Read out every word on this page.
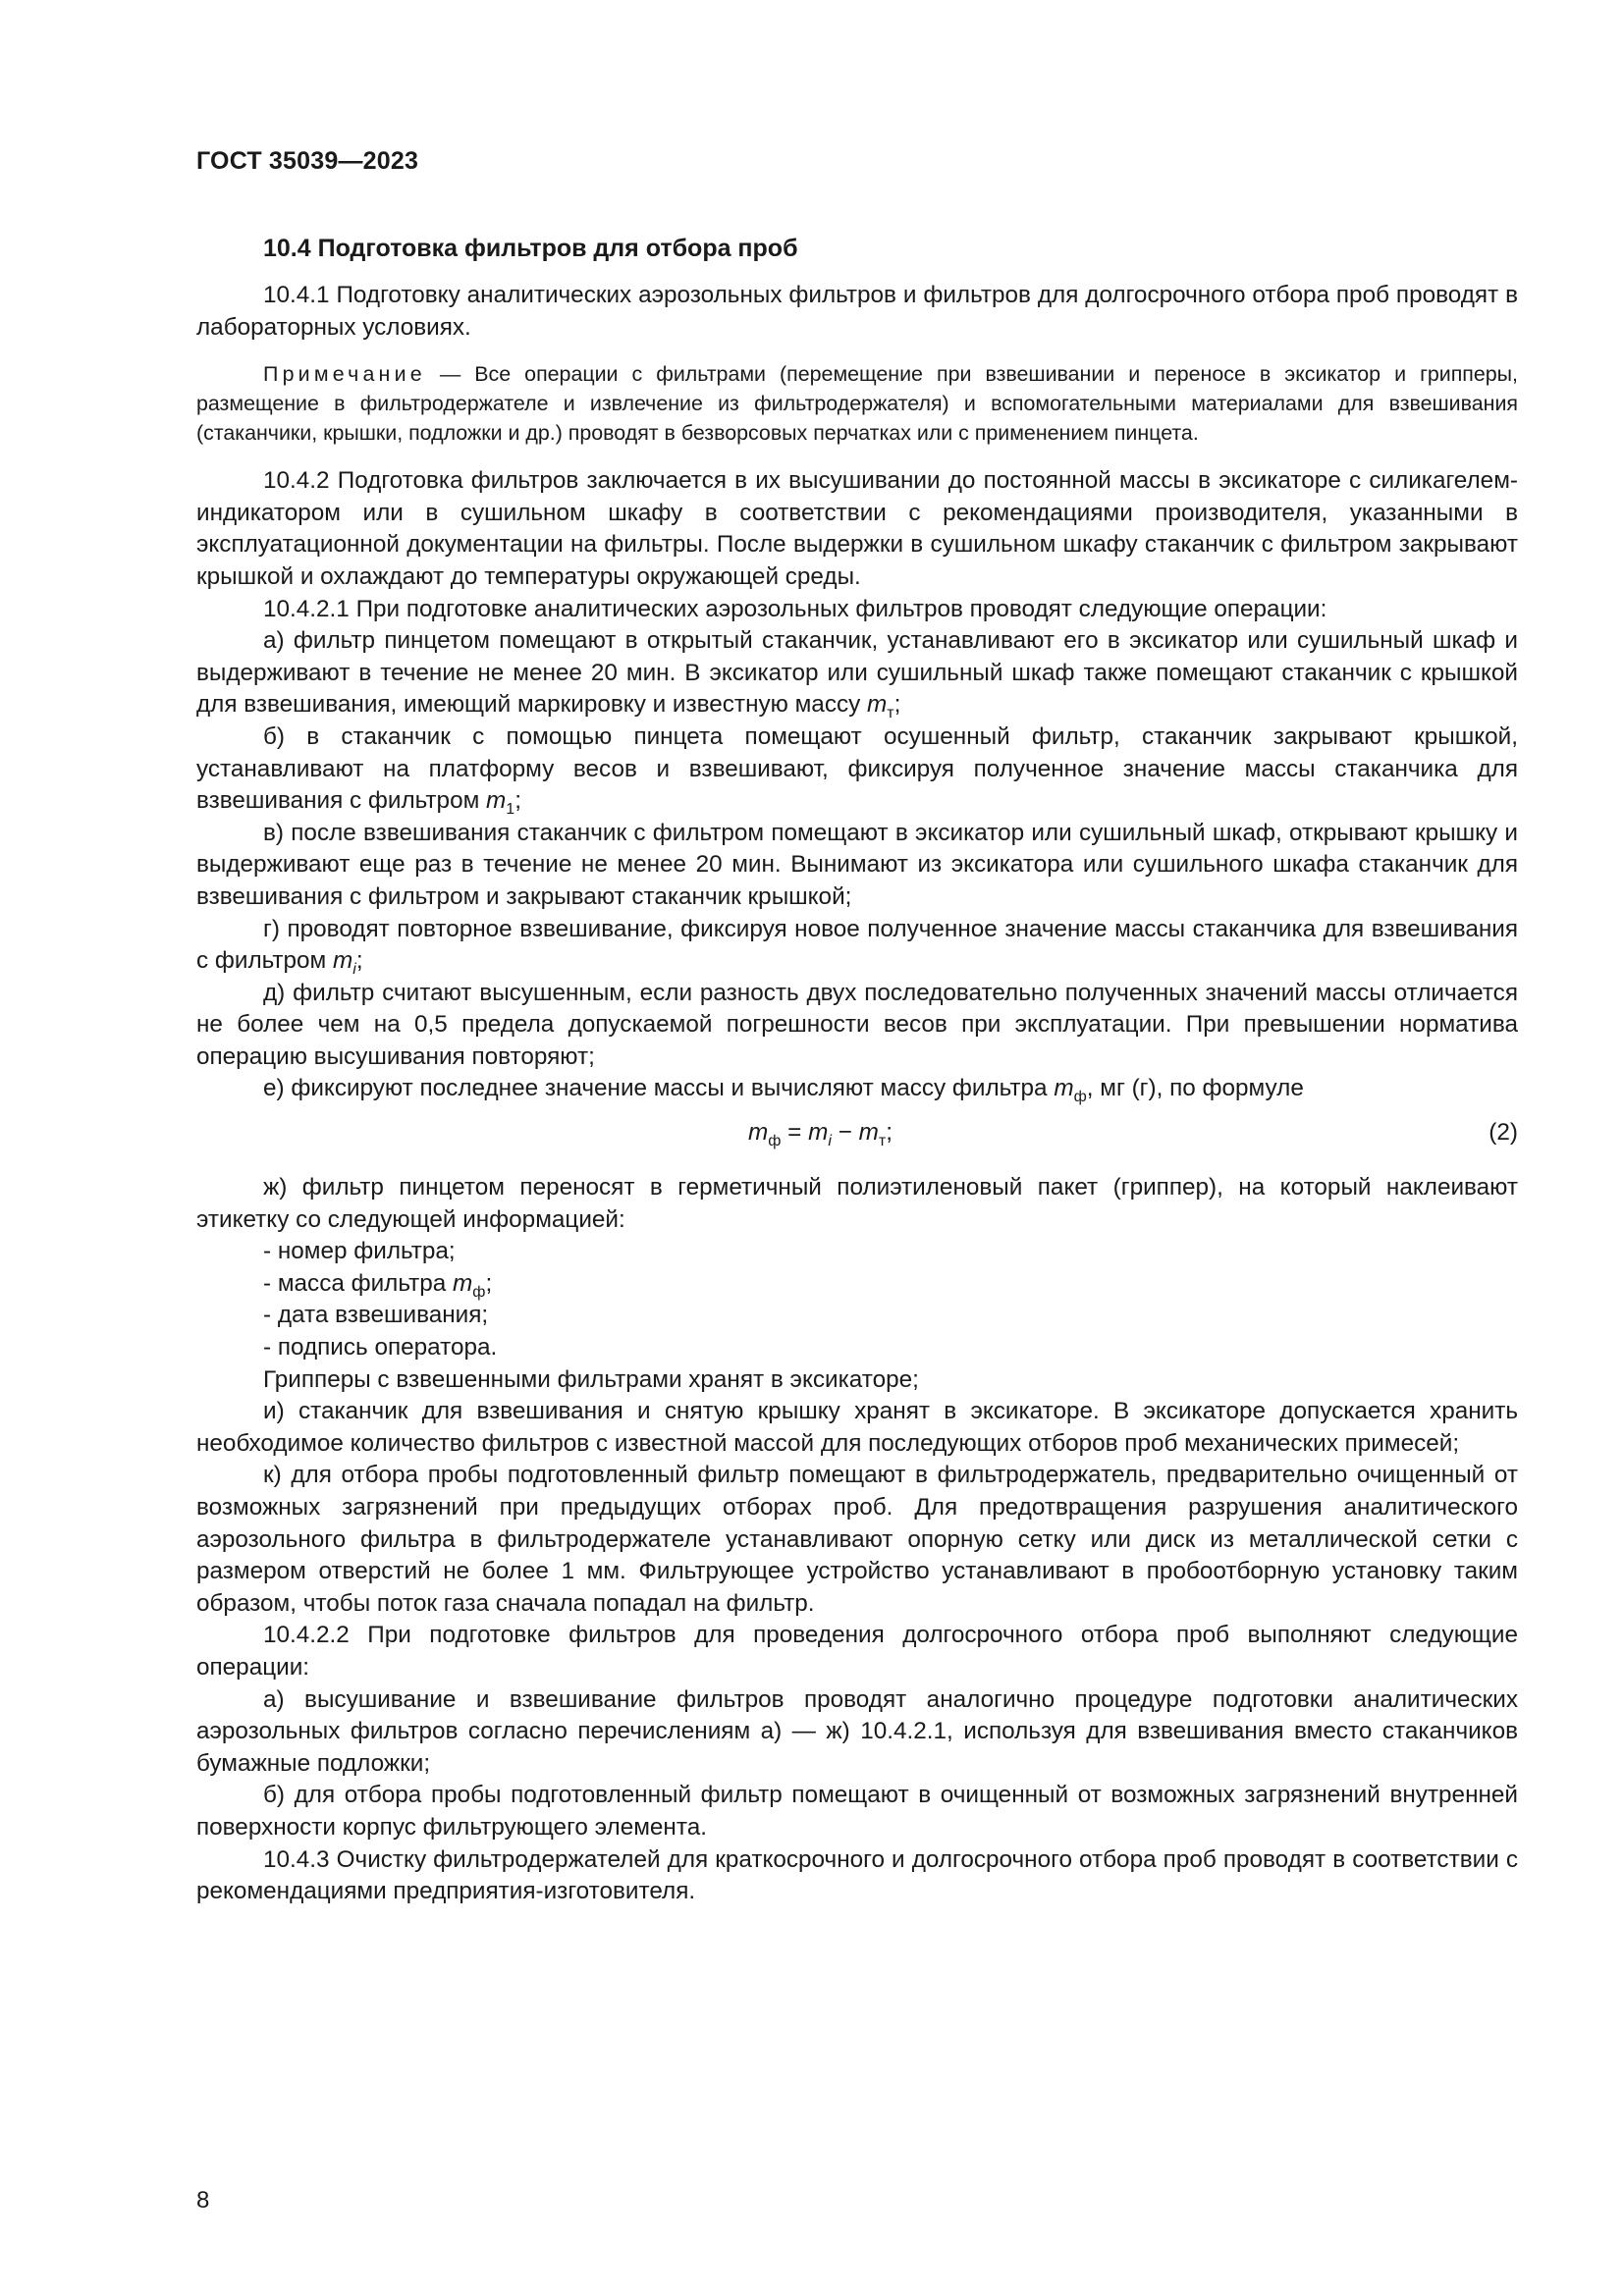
ГОСТ 35039—2023
10.4 Подготовка фильтров для отбора проб

10.4.1 Подготовку аналитических аэрозольных фильтров и фильтров для долгосрочного отбора проб проводят в лабораторных условиях.

Примечание — Все операции с фильтрами (перемещение при взвешивании и переносе в эксикатор и грипперы, размещение в фильтродержателе и извлечение из фильтродержателя) и вспомогательными материалами для взвешивания (стаканчики, крышки, подложки и др.) проводят в безворсовых перчатках или с применением пинцета.

10.4.2 Подготовка фильтров заключается в их высушивании до постоянной массы в эксикаторе с силикагелем-индикатором или в сушильном шкафу в соответствии с рекомендациями производителя, указанными в эксплуатационной документации на фильтры. После выдержки в сушильном шкафу стаканчик с фильтром закрывают крышкой и охлаждают до температуры окружающей среды.

10.4.2.1 При подготовке аналитических аэрозольных фильтров проводят следующие операции:

а) фильтр пинцетом помещают в открытый стаканчик, устанавливают его в эксикатор или сушильный шкаф и выдерживают в течение не менее 20 мин. В эксикатор или сушильный шкаф также помещают стаканчик с крышкой для взвешивания, имеющий маркировку и известную массу $m_т$;

б) в стаканчик с помощью пинцета помещают осушенный фильтр, стаканчик закрывают крышкой, устанавливают на платформу весов и взвешивают, фиксируя полученное значение массы стаканчика для взвешивания с фильтром $m_1$;

в) после взвешивания стаканчик с фильтром помещают в эксикатор или сушильный шкаф, открывают крышку и выдерживают еще раз в течение не менее 20 мин. Вынимают из эксикатора или сушильного шкафа стаканчик для взвешивания с фильтром и закрывают стаканчик крышкой;

г) проводят повторное взвешивание, фиксируя новое полученное значение массы стаканчика для взвешивания с фильтром $m_i$;

д) фильтр считают высушенным, если разность двух последовательно полученных значений массы отличается не более чем на 0,5 предела допускаемой погрешности весов при эксплуатации. При превышении норматива операцию высушивания повторяют;

е) фиксируют последнее значение массы и вычисляют массу фильтра $m_ф$, мг (г), по формуле

$m_ф = m_i - m_т$;	(2)

ж) фильтр пинцетом переносят в герметичный полиэтиленовый пакет (гриппер), на который наклеивают этикетку со следующей информацией:

- номер фильтра;

- масса фильтра $m_ф$;

- дата взвешивания;

- подпись оператора.

Грипперы с взвешенными фильтрами хранят в эксикаторе;

и) стаканчик для взвешивания и снятую крышку хранят в эксикаторе. В эксикаторе допускается хранить необходимое количество фильтров с известной массой для последующих отборов проб механических примесей;

к) для отбора пробы подготовленный фильтр помещают в фильтродержатель, предварительно очищенный от возможных загрязнений при предыдущих отборах проб. Для предотвращения разрушения аналитического аэрозольного фильтра в фильтродержателе устанавливают опорную сетку или диск из металлической сетки с размером отверстий не более 1 мм. Фильтрующее устройство устанавливают в пробоотборную установку таким образом, чтобы поток газа сначала попадал на фильтр.

10.4.2.2 При подготовке фильтров для проведения долгосрочного отбора проб выполняют следующие операции:

а) высушивание и взвешивание фильтров проводят аналогично процедуре подготовки аналитических аэрозольных фильтров согласно перечислениям а) — ж) 10.4.2.1, используя для взвешивания вместо стаканчиков бумажные подложки;

б) для отбора пробы подготовленный фильтр помещают в очищенный от возможных загрязнений внутренней поверхности корпус фильтрующего элемента.

10.4.3 Очистку фильтродержателей для краткосрочного и долгосрочного отбора проб проводят в соответствии с рекомендациями предприятия-изготовителя.

8
